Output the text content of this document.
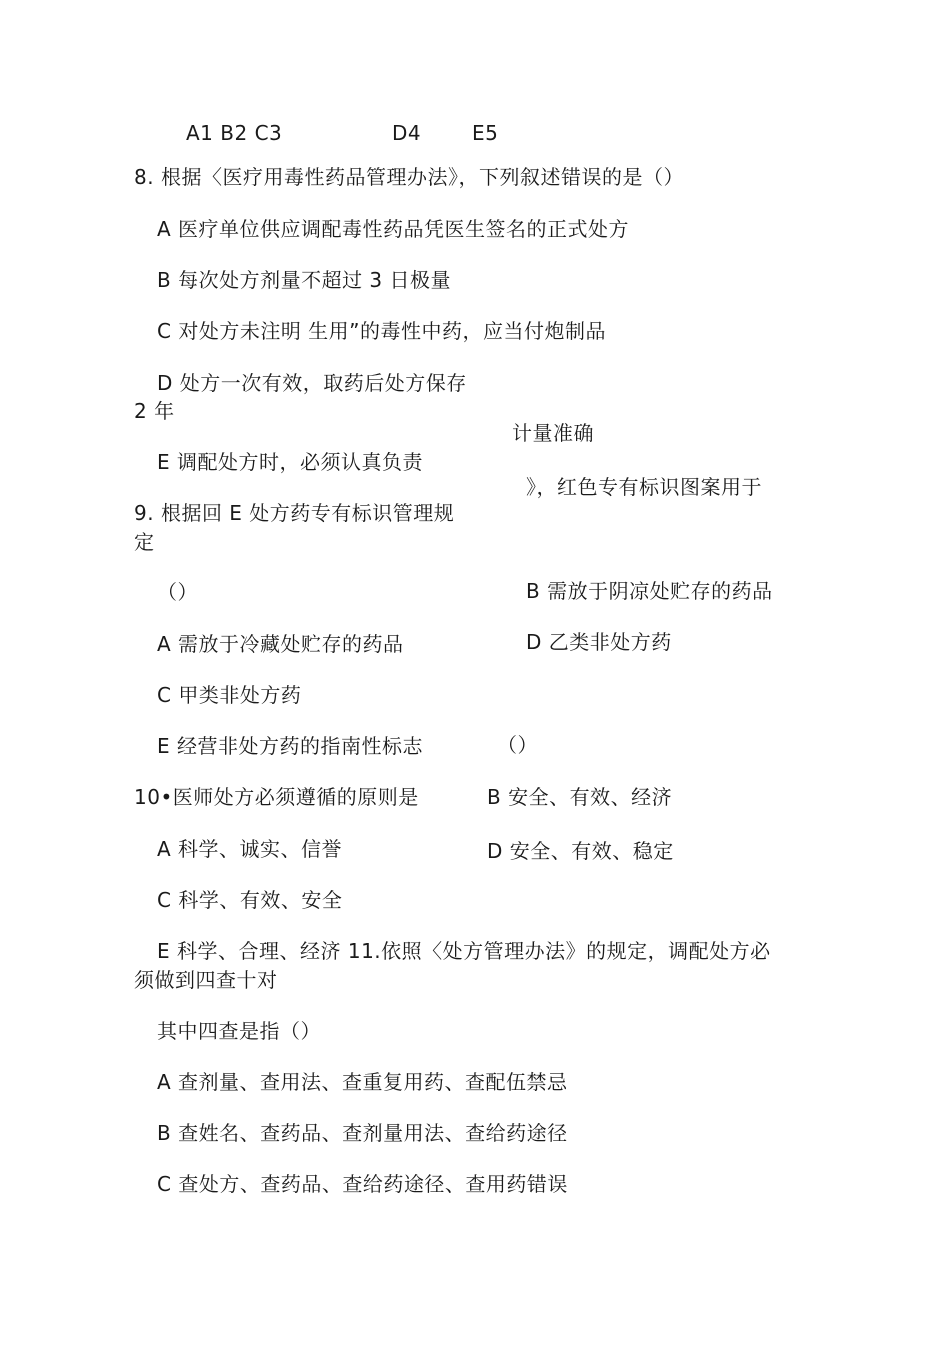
A1 B2 C3	D4	E5
8. 根据〈医疗用毒性药品管理办法》，下列叙述错误的是（）
A 医疗单位供应调配毒性药品凭医生签名的正式处方
B 每次处方剂量不超过 3 日极量
C 对处方未注明 生用”的毒性中药，应当付炮制品
D 处方一次有效，取药后处方保存
2 年
计量准确
E 调配处方时，必须认真负责
》，红色专有标识图案用于
9. 根据回 E 处方药专有标识管理规
定
（）	B 需放于阴凉处贮存的药品
A 需放于冷藏处贮存的药品	D 乙类非处方药
C 甲类非处方药
E 经营非处方药的指南性标志	（）
10•医师处方必须遵循的原则是	B 安全、有效、经济
A 科学、诚实、信誉	D 安全、有效、稳定
C 科学、有效、安全
E 科学、合理、经济 11.依照〈处方管理办法》的规定，调配处方必
须做到四查十对
其中四查是指（）
A 查剂量、查用法、查重复用药、查配伍禁忌
B 查姓名、查药品、查剂量用法、查给药途径
C 查处方、查药品、查给药途径、查用药错误
